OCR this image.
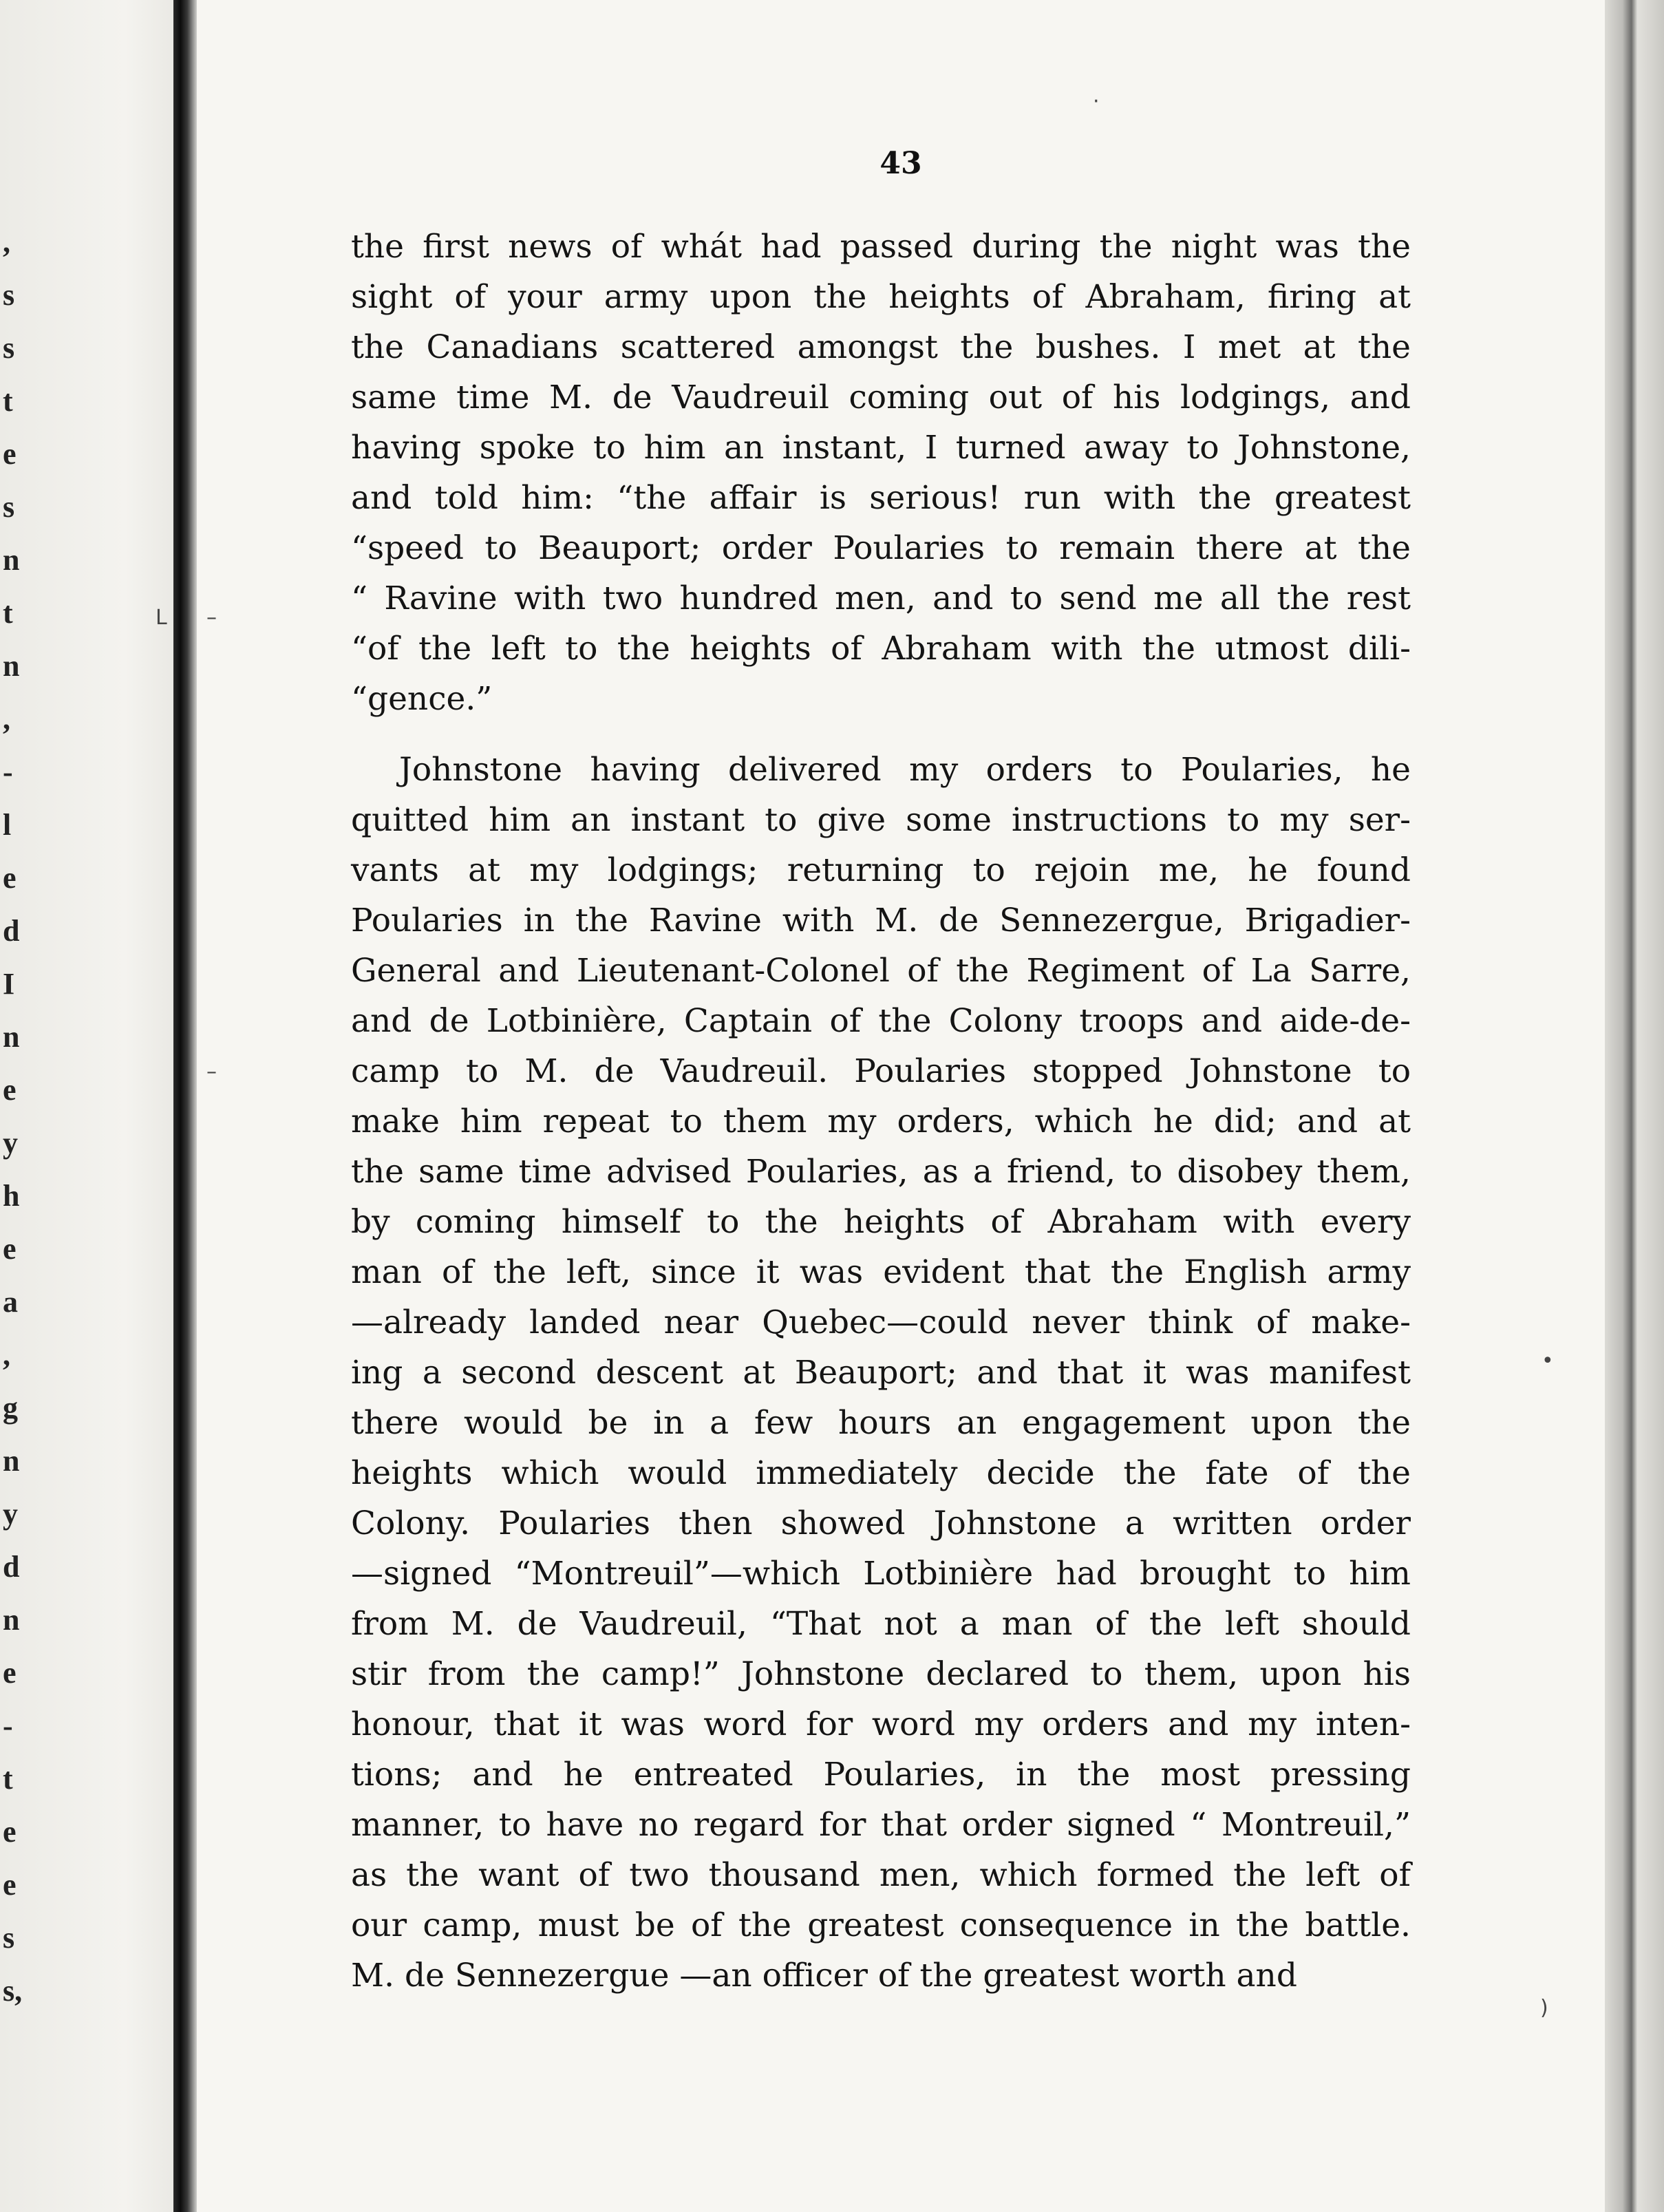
,
s
s
t
e
s
n
t
n
,
-
l
e
d
I
n
e
y
h
e
a
,
g
n
y
d
n
e
-
t
e
e
s
s,
43
the first news of whát had passed during the night was the
sight of your army upon the heights of Abraham, firing at
the Canadians scattered amongst the bushes. I met at the
same time M. de Vaudreuil coming out of his lodgings, and
having spoke to him an instant, I turned away to Johnstone,
and told him: “the affair is serious! run with the greatest
“speed to Beauport; order Poularies to remain there at the
“ Ravine with two hundred men, and to send me all the rest
“of the left to the heights of Abraham with the utmost dili-
“gence.”
Johnstone having delivered my orders to Poularies, he
quitted him an instant to give some instructions to my ser-
vants at my lodgings; returning to rejoin me, he found
Poularies in the Ravine with M. de Sennezergue, Brigadier-
General and Lieutenant-Colonel of the Regiment of La Sarre,
and de Lotbinière, Captain of the Colony troops and aide-de-
camp to M. de Vaudreuil. Poularies stopped Johnstone to
make him repeat to them my orders, which he did; and at
the same time advised Poularies, as a friend, to disobey them,
by coming himself to the heights of Abraham with every
man of the left, since it was evident that the English army
—already landed near Quebec—could never think of make-
ing a second descent at Beauport; and that it was manifest
there would be in a few hours an engagement upon the
heights which would immediately decide the fate of the
Colony. Poularies then showed Johnstone a written order
—signed “Montreuil”—which Lotbinière had brought to him
from M. de Vaudreuil, “That not a man of the left should
stir from the camp!” Johnstone declared to them, upon his
honour, that it was word for word my orders and my inten-
tions; and he entreated Poularies, in the most pressing
manner, to have no regard for that order signed “ Montreuil,”
as the want of two thousand men, which formed the left of
our camp, must be of the greatest consequence in the battle.
M. de Sennezergue —an officer of the greatest worth and
L –
–
•
)
·
